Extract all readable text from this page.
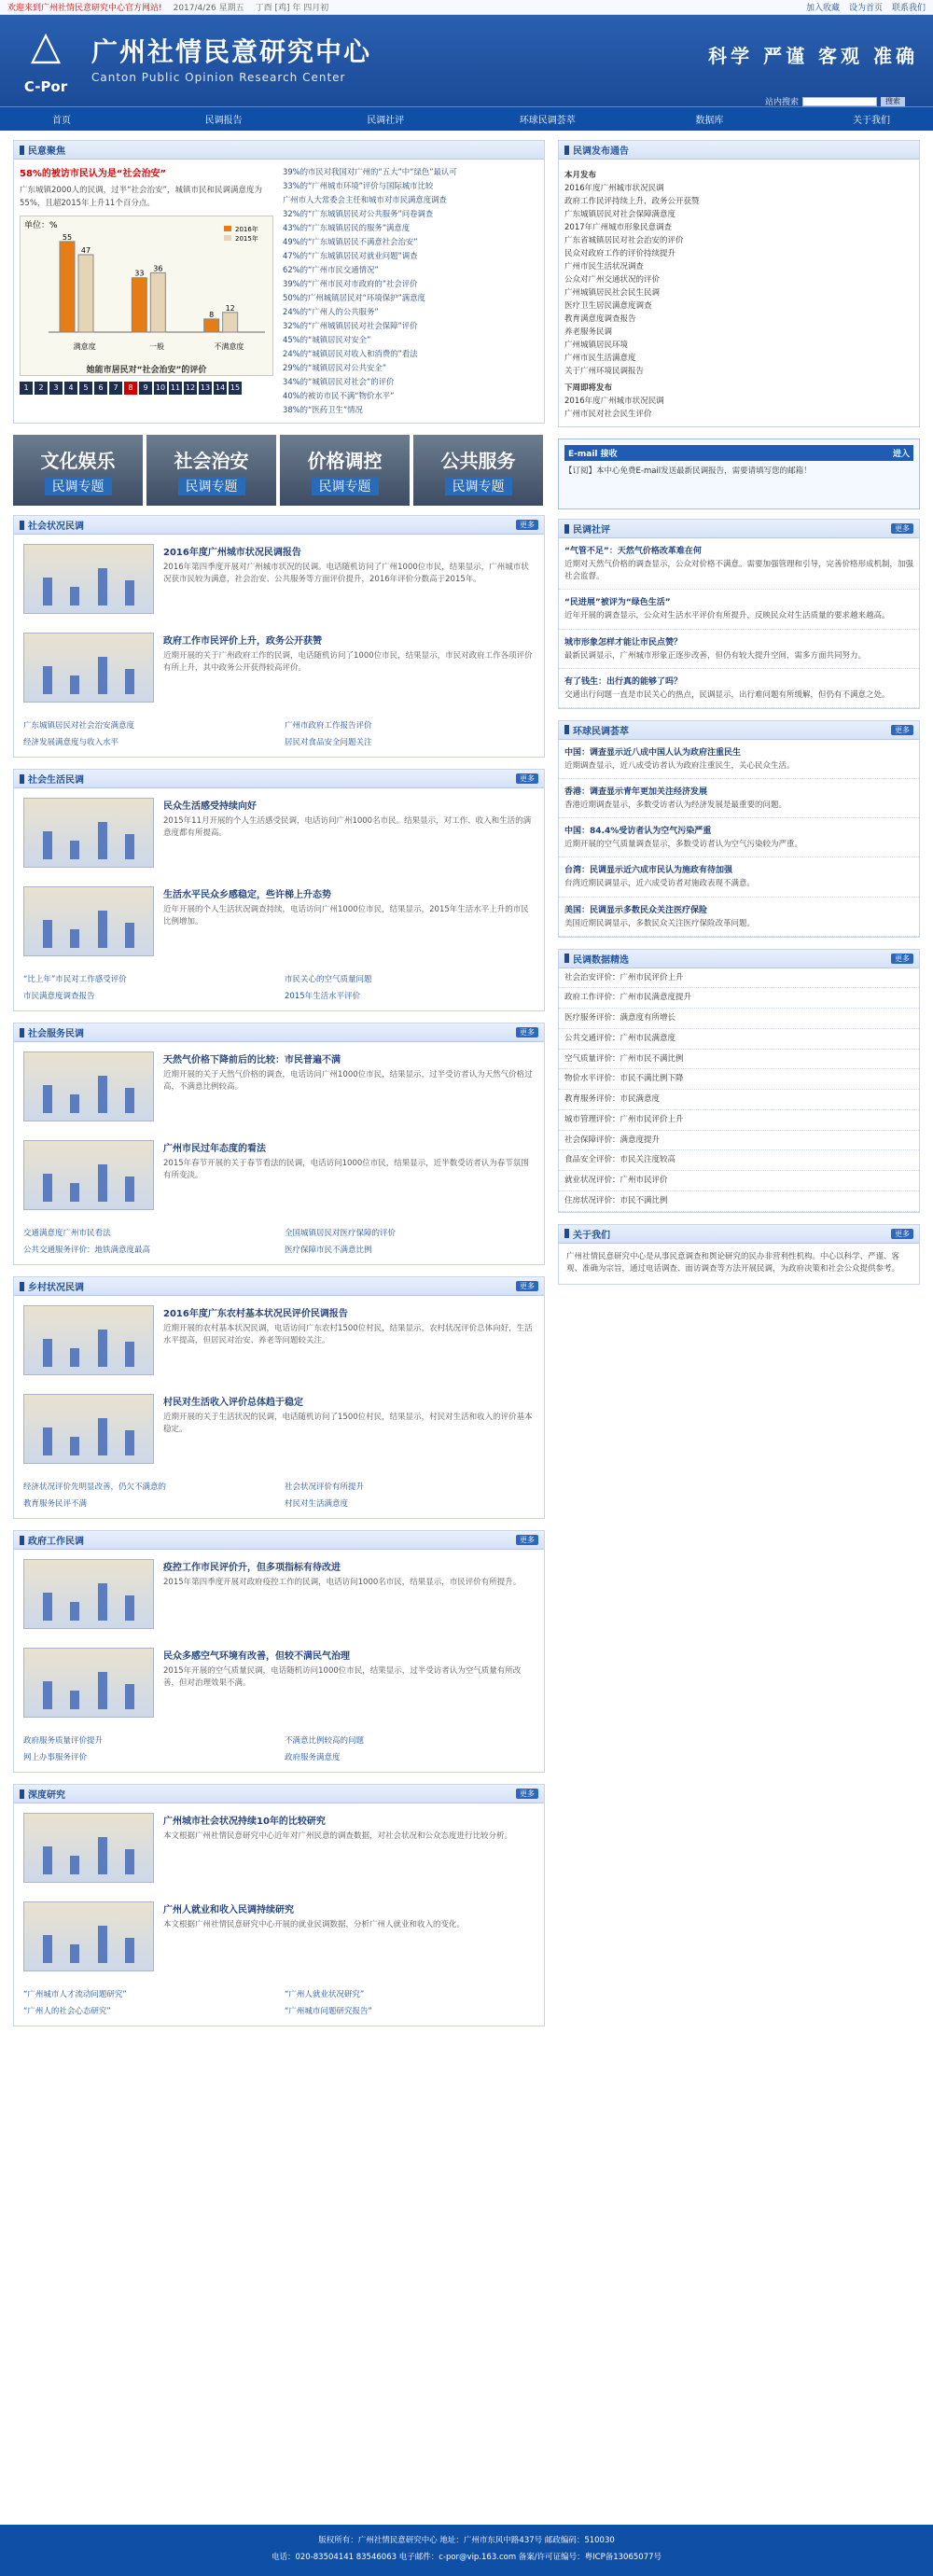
欢迎来到广州社情民意研究中心官方网站! 2017/4/26 星期五 丁酉 [鸡] 年 四月初	加入收藏 设为首页 联系我们
△
C-Por
广州社情民意研究中心
Canton Public Opinion Research Center
科学 严谨 客观 准确
站内搜索	搜索
首页	民调报告	民调社评	环球民调荟萃	数据库	关于我们
民意聚焦
58%的被访市民认为是“社会治安”
广东城镇2000人的民调，过半“社会治安”，城镇市民和民调满意度为55%，且超2015年上升11个百分点。
单位：%
55
47
满意度
33
36
一般
8
12
不满意度
2016年
2015年
她能市居民对“社会治安”的评价
1	2	3	4	5	6	7	8	9	10 11 12 13 14 15
39%的市民对我国对广州的“五大”中“绿色”最认可
33%的“广州城市环境”评价与国际城市比较
广州市人大常委会主任和城市对市民满意度调查
32%的“广东城镇居民对公共服务”问卷调查
43%的“广东城镇居民的服务”满意度
49%的“广东城镇居民不满意社会治安”
47%的“广东城镇居民对就业问题”调查
62%的“广州市民交通情况”
39%的“广州市民对市政府的”社会评价
50%的广州城镇居民对“环境保护”满意度
24%的“广州人的公共服务”
32%的“广州城镇居民对社会保障”评价
45%的“城镇居民对安全”
24%的“城镇居民对收入和消费的”看法
29%的“城镇居民对公共安全”
34%的“城镇居民对社会”的评价
40%的被访市民不满“物价水平”
38%的“医药卫生”情况
文化娱乐
民调专题
社会治安
民调专题
价格调控
民调专题
公共服务
民调专题
社会状况民调	更多
2016年度广州城市状况民调报告
2016年第四季度开展对广州城市状况的民调。电话随机访问了广州1000位市民，结果显示，广州城市状况获市民较为满意，社会治安、公共服务等方面评价提升，2016年评价分数高于2015年。
政府工作市民评价上升，政务公开获赞
近期开展的关于广州政府工作的民调，电话随机访问了1000位市民，结果显示，市民对政府工作各项评价有所上升，其中政务公开获得较高评价。
广东城镇居民对社会治安满意度	广州市政府工作报告评价
经济发展满意度与收入水平	居民对食品安全问题关注
社会生活民调	更多
民众生活感受持续向好
2015年11月开展的个人生活感受民调，电话访问广州1000名市民。结果显示，对工作、收入和生活的满意度都有所提高。
生活水平民众乡感稳定，些许梯上升态势
近年开展的个人生活状况调查持续，电话访问广州1000位市民，结果显示，2015年生活水平上升的市民比例增加。
“比上年”市民对工作感受评价	市民关心的空气质量问题
市民满意度调查报告	2015年生活水平评价
社会服务民调	更多
天然气价格下降前后的比较：市民普遍不满
近期开展的关于天然气价格的调查，电话访问广州1000位市民，结果显示，过半受访者认为天然气价格过高，不满意比例较高。
广州市民过年态度的看法
2015年春节开展的关于春节看法的民调，电话访问1000位市民，结果显示，近半数受访者认为春节氛围有所变淡。
交通满意度广州市民看法	全国城镇居民对医疗保障的评价
公共交通服务评价：地铁满意度最高	医疗保障市民不满意比例
乡村状况民调	更多
2016年度广东农村基本状况民评价民调报告
近期开展的农村基本状况民调，电话访问广东农村1500位村民，结果显示，农村状况评价总体向好，生活水平提高，但居民对治安、养老等问题较关注。
村民对生活收入评价总体趋于稳定
近期开展的关于生活状况的民调，电话随机访问了1500位村民，结果显示，村民对生活和收入的评价基本稳定。
经济状况评价先明显改善，仍欠不满意的	社会状况评价有所提升
教育服务民评不满	村民对生活满意度
政府工作民调	更多
疫控工作市民评价升，但多项指标有待改进
2015年第四季度开展对政府疫控工作的民调，电话访问1000名市民，结果显示，市民评价有所提升。
民众多感空气环境有改善，但较不满民气治理
2015年开展的空气质量民调，电话随机访问1000位市民，结果显示，过半受访者认为空气质量有所改善，但对治理效果不满。
政府服务质量评价提升	不满意比例较高的问题
网上办事服务评价	政府服务满意度
深度研究	更多
广州城市社会状况持续10年的比较研究
本文根据广州社情民意研究中心近年对广州民意的调查数据，对社会状况和公众态度进行比较分析。
广州人就业和收入民调持续研究
本文根据广州社情民意研究中心开展的就业民调数据，分析广州人就业和收入的变化。
“广州城市人才流动问题研究”	“广州人就业状况研究”
“广州人的社会心态研究”	“广州城市问题研究报告”
民调发布通告
本月发布
2016年度广州城市状况民调
政府工作民评持续上升，政务公开获赞
广东城镇居民对社会保障满意度
2017年广州城市形象民意调查
广东省城镇居民对社会治安的评价
民众对政府工作的评价持续提升
广州市民生活状况调查
公众对广州交通状况的评价
广州城镇居民社会民生民调
医疗卫生居民满意度调查
教育满意度调查报告
养老服务民调
广州城镇居民环境
广州市民生活满意度
关于广州环境民调报告
下周即将发布
2016年度广州城市状况民调
广州市民对社会民生评价
E-mail 接收	进入
【订阅】本中心免费E-mail发送最新民调报告，需要请填写您的邮箱！
民调社评	更多
“气管不足”：天然气价格改革难在何
近期对天然气价格的调查显示，公众对价格不满意。需要加强管理和引导，完善价格形成机制，加强社会监督。
“民进展”被评为“绿色生活”
近年开展的调查显示，公众对生活水平评价有所提升，反映民众对生活质量的要求越来越高。
城市形象怎样才能让市民点赞？
最新民调显示，广州城市形象正逐步改善，但仍有较大提升空间，需多方面共同努力。
有了钱生：出行真的能够了吗？
交通出行问题一直是市民关心的热点，民调显示，出行难问题有所缓解，但仍有不满意之处。
环球民调荟萃	更多
中国：调查显示近八成中国人认为政府注重民生
近期调查显示，近八成受访者认为政府注重民生，关心民众生活。
香港：调查显示青年更加关注经济发展
香港近期调查显示，多数受访者认为经济发展是最重要的问题。
中国：84.4%受访者认为空气污染严重
近期开展的空气质量调查显示，多数受访者认为空气污染较为严重。
台湾：民调显示近六成市民认为施政有待加强
台湾近期民调显示，近六成受访者对施政表现不满意。
美国：民调显示多数民众关注医疗保险
美国近期民调显示，多数民众关注医疗保险改革问题。
民调数据精选	更多
社会治安评价：广州市民评价上升
政府工作评价：广州市民满意度提升
医疗服务评价：满意度有所增长
公共交通评价：广州市民满意度
空气质量评价：广州市民不满比例
物价水平评价：市民不满比例下降
教育服务评价：市民满意度
城市管理评价：广州市民评价上升
社会保障评价：满意度提升
食品安全评价：市民关注度较高
就业状况评价：广州市民评价
住房状况评价：市民不满比例
关于我们	更多
广州社情民意研究中心是从事民意调查和舆论研究的民办非营利性机构。中心以科学、严谨、客观、准确为宗旨，通过电话调查、面访调查等方法开展民调，为政府决策和社会公众提供参考。
版权所有：广州社情民意研究中心 地址：广州市东风中路437号 邮政编码：510030
电话：020-83504141 83546063 电子邮件：c-por@vip.163.com 备案/许可证编号：粤ICP备13065077号
